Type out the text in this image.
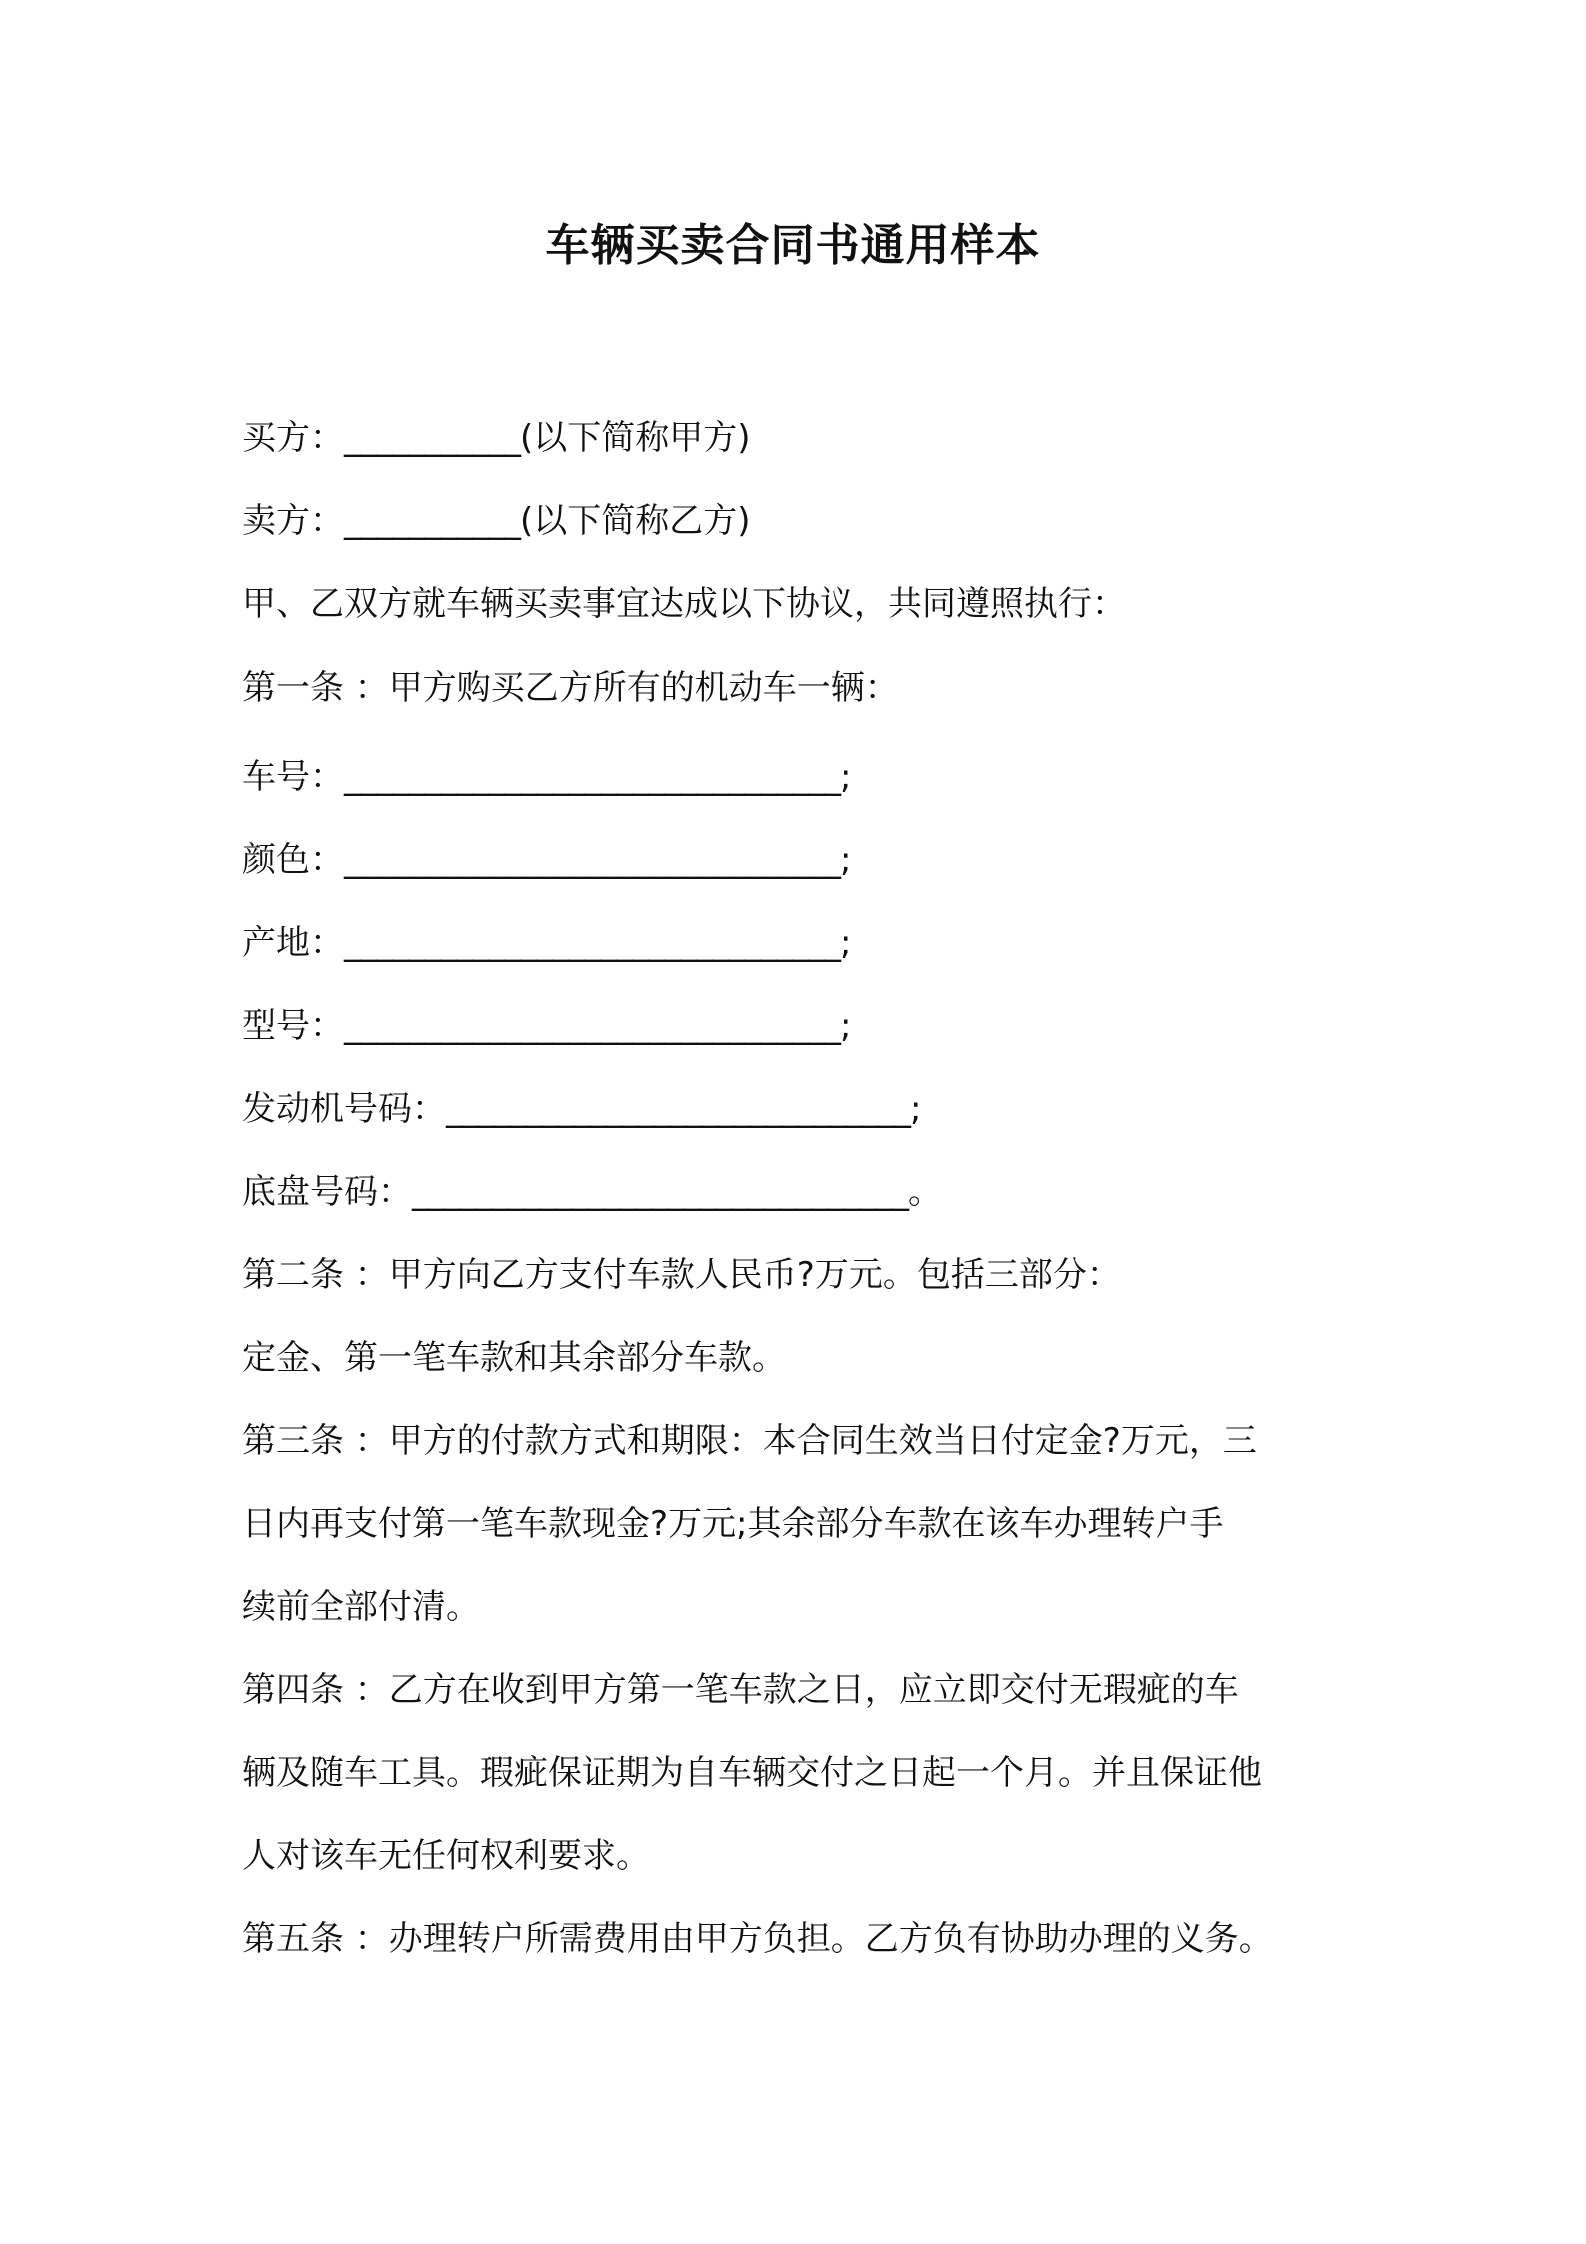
车辆买卖合同书通用样本

买方：___________(以下简称甲方)

卖方：___________(以下简称乙方)

甲、乙双方就车辆买卖事宜达成以下协议，共同遵照执行：

第一条 ：甲方购买乙方所有的机动车一辆：

车号：_______________________________;

颜色：_______________________________;

产地：_______________________________;

型号：_______________________________;

发动机号码：_____________________________;

底盘号码：_______________________________。

第二条 ：甲方向乙方支付车款人民币?万元。包括三部分：

定金、第一笔车款和其余部分车款。

第三条 ：甲方的付款方式和期限：本合同生效当日付定金?万元，三

日内再支付第一笔车款现金?万元;其余部分车款在该车办理转户手

续前全部付清。

第四条 ：乙方在收到甲方第一笔车款之日，应立即交付无瑕疵的车

辆及随车工具。瑕疵保证期为自车辆交付之日起一个月。并且保证他

人对该车无任何权利要求。

第五条 ：办理转户所需费用由甲方负担。乙方负有协助办理的义务。
